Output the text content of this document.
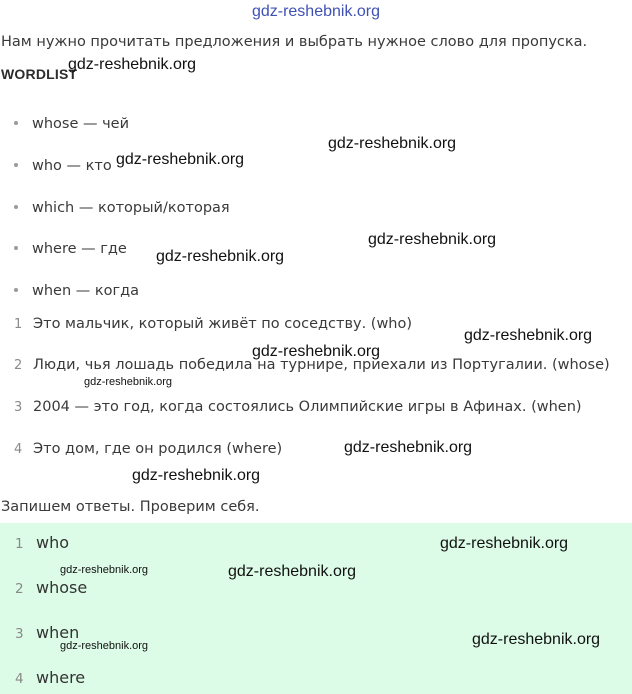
gdz-reshebnik.org
Нам нужно прочитать предложения и выбрать нужное слово для пропуска.
WORDLIST
whose — чей
who — кто
which — который/которая
where — где
when — когда
1 Это мальчик, который живёт по соседству. (who)
2 Люди, чья лошадь победила на турнире, приехали из Португалии. (whose)
3 2004 — это год, когда состоялись Олимпийские игры в Афинах. (when)
4 Это дом, где он родился (where)
Запишем ответы. Проверим себя.
1 who
2 whose
3 when
4 where
gdz-reshebnik.org
gdz-reshebnik.org
gdz-reshebnik.org
gdz-reshebnik.org
gdz-reshebnik.org
gdz-reshebnik.org
gdz-reshebnik.org
gdz-reshebnik.org
gdz-reshebnik.org
gdz-reshebnik.org
gdz-reshebnik.org
gdz-reshebnik.org	gdz-reshebnik.org
gdz-reshebnik.org
gdz-reshebnik.org
